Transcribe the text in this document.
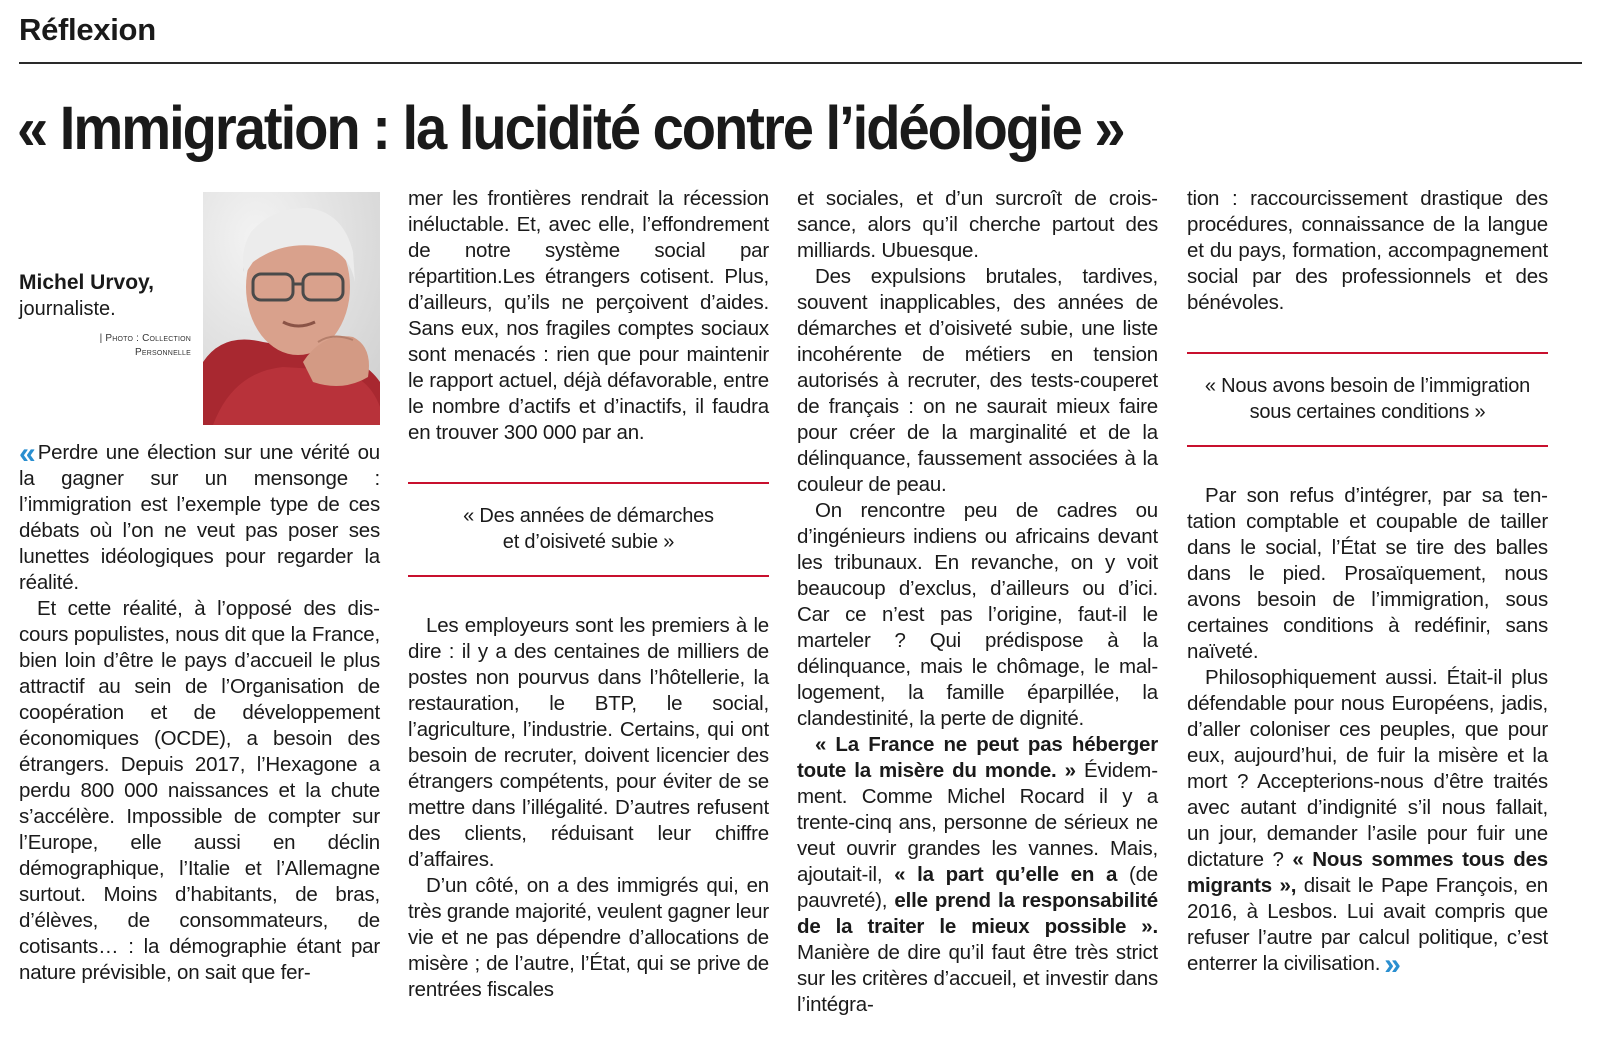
Réflexion
« Immigration : la lucidité contre l’idéologie »
Michel Urvoy,
journaliste.
| Photo : Collection Personnelle

« Perdre une élection sur une vérité ou la gagner sur un mensonge : l’immigration est l’exemple type de ces débats où l’on ne veut pas poser ses lunettes idéologiques pour regarder la réalité.

Et cette réalité, à l’opposé des discours populistes, nous dit que la France, bien loin d’être le pays d’accueil le plus attractif au sein de l’Organisation de coopération et de développement économiques (OCDE), a besoin des étrangers. Depuis 2017, l’Hexagone a perdu 800 000 naissances et la chute s’accélère. Impossible de compter sur l’Europe, elle aussi en déclin démographique, l’Italie et l’Allemagne surtout. Moins d’habitants, de bras, d’élèves, de consommateurs, de cotisants… : la démographie étant par nature prévisible, on sait que fer-

mer les frontières rendrait la récession inéluctable. Et, avec elle, l’effondrement de notre système social par répartition.Les étrangers cotisent. Plus, d’ailleurs, qu’ils ne perçoivent d’aides. Sans eux, nos fragiles comptes sociaux sont menacés : rien que pour maintenir le rapport actuel, déjà défavorable, entre le nombre d’actifs et d’inactifs, il faudra en trouver 300 000 par an.

« Des années de démarches
et d’oisiveté subie »

Les employeurs sont les premiers à le dire : il y a des centaines de milliers de postes non pourvus dans l’hôtellerie, la restauration, le BTP, le social, l’agriculture, l’industrie. Certains, qui ont besoin de recruter, doivent licencier des étrangers compétents, pour éviter de se mettre dans l’illégalité. D’autres refusent des clients, réduisant leur chiffre d’affaires.

D’un côté, on a des immigrés qui, en très grande majorité, veulent gagner leur vie et ne pas dépendre d’allocations de misère ; de l’autre, l’État, qui se prive de rentrées fiscales

et sociales, et d’un surcroît de croissance, alors qu’il cherche partout des milliards. Ubuesque.

Des expulsions brutales, tardives, souvent inapplicables, des années de démarches et d’oisiveté subie, une liste incohérente de métiers en tension autorisés à recruter, des tests-couperet de français : on ne saurait mieux faire pour créer de la marginalité et de la délinquance, faussement associées à la couleur de peau.

On rencontre peu de cadres ou d’ingénieurs indiens ou africains devant les tribunaux. En revanche, on y voit beaucoup d’exclus, d’ailleurs ou d’ici. Car ce n’est pas l’origine, faut-il le marteler ? Qui prédispose à la délinquance, mais le chômage, le mal-logement, la famille éparpillée, la clandestinité, la perte de dignité.

« La France ne peut pas héberger toute la misère du monde. » Évidemment. Comme Michel Rocard il y a trente-cinq ans, personne de sérieux ne veut ouvrir grandes les vannes. Mais, ajoutait-il, « la part qu’elle en a (de pauvreté), elle prend la responsabilité de la traiter le mieux possible ». Manière de dire qu’il faut être très strict sur les critères d’accueil, et investir dans l’intégra-

tion : raccourcissement drastique des procédures, connaissance de la langue et du pays, formation, accompagnement social par des professionnels et des bénévoles.

« Nous avons besoin de l’immigration
sous certaines conditions »

Par son refus d’intégrer, par sa tentation comptable et coupable de tailler dans le social, l’État se tire des balles dans le pied. Prosaïquement, nous avons besoin de l’immigration, sous certaines conditions à redéfinir, sans naïveté.

Philosophiquement aussi. Était-il plus défendable pour nous Européens, jadis, d’aller coloniser ces peuples, que pour eux, aujourd’hui, de fuir la misère et la mort ? Accepterions-nous d’être traités avec autant d’indignité s’il nous fallait, un jour, demander l’asile pour fuir une dictature ? « Nous sommes tous des migrants », disait le Pape François, en 2016, à Lesbos. Lui avait compris que refuser l’autre par calcul politique, c’est enterrer la civilisation. »
